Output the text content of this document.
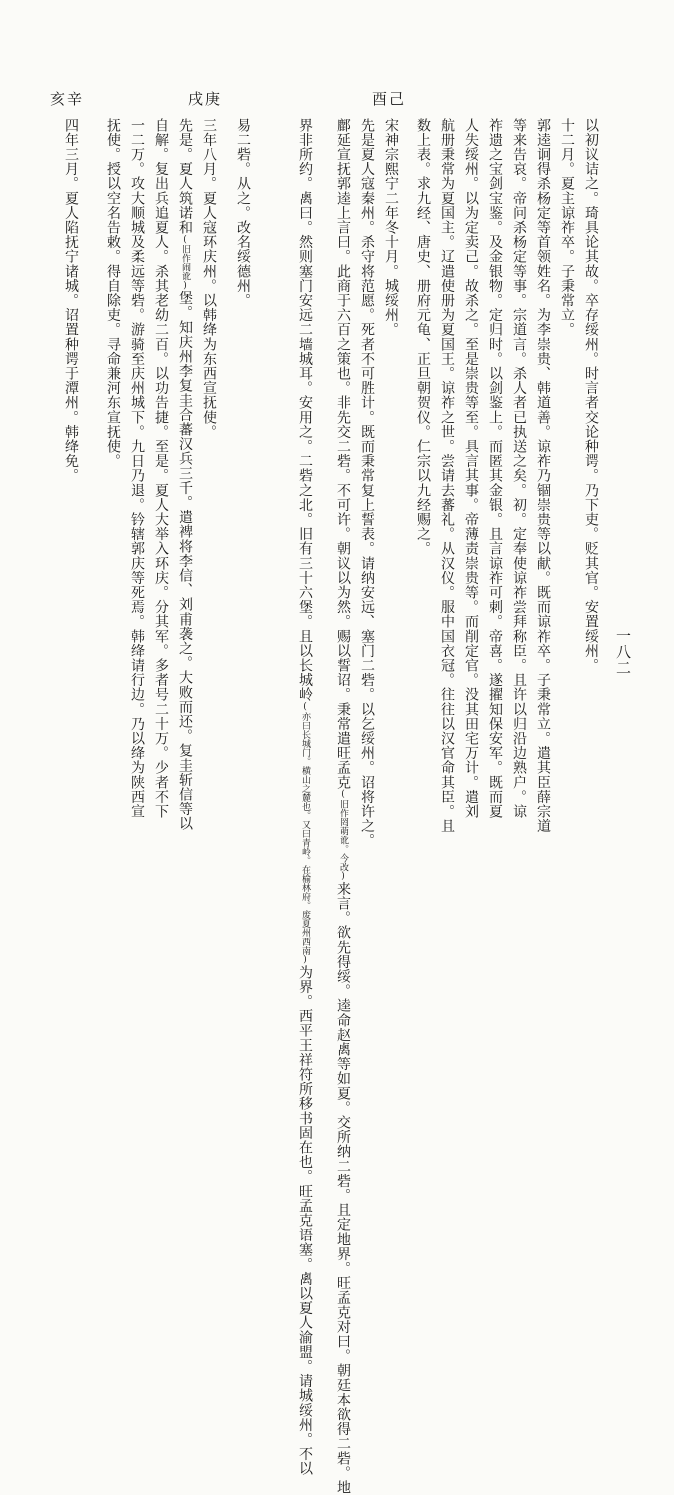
一八二
酉己
戌庚
亥辛
以初议诘之。琦具论其故。卒存绥州。时言者交论种谔。乃下吏。贬其官。安置绥州。
十二月。夏主谅祚卒。子秉常立。
郭逵诇得杀杨定等首领姓名。为李崇贵、韩道善。谅祚乃锢崇贵等以献。既而谅祚卒。子秉常立。遣其臣薛宗道
等来告哀。帝问杀杨定等事。宗道言。杀人者已执送之矣。初。定奉使谅祚尝拜称臣。且许以归沿边熟户。谅
祚遗之宝剑宝鉴。及金银物。定归时。以剑鉴上。而匿其金银。且言谅祚可刺。帝喜。遂擢知保安军。既而夏
人失绥州。以为定卖己。故杀之。至是崇贵等至。具言其事。帝薄责崇贵等。而削定官。没其田宅万计。遣刘
航册秉常为夏国主。辽遣使册为夏国王。谅祚之世。尝请去蕃礼。从汉仪。服中国衣冠。往往以汉官命其臣。且
数上表。求九经、唐史、册府元龟、正旦朝贺仪。仁宗以九经赐之。
宋神宗熙宁二年冬十月。城绥州。
先是夏人寇秦州。杀守将范愿。死者不可胜计。既而秉常复上誓表。请纳安远、塞门二砦。以乞绥州。诏将许之。
鄜延宣抚郭逵上言曰。此商于六百之策也。非先交二砦。不可许。朝议以为然。赐以誓诏。秉常遣旺孟克(旧作罔萌讹。今改)来言。欲先得绥。逵命赵禼等如夏。交所纳二砦。且定地界。旺孟克对曰。朝廷本欲得二砦。地
界非所约。禼曰。然则塞门安远二墙城耳。安用之。二砦之北。旧有三十六堡。且以长城岭(亦曰长城门。横山之麓也。又曰青岭。在榆林府。废夏州西南)为界。西平王祥符所移书固在也。旺孟克语塞。禼以夏人渝盟。请城绥州。不以
易二砦。从之。改名绥德州。
三年八月。夏人寇环庆州。以韩绛为东西宣抚使。
先是。夏人筑诺和(旧作闹讹)堡。知庆州李复圭合蕃汉兵三千。遣裨将李信、刘甫袭之。大败而还。复圭斩信等以
自解。复出兵追夏人。杀其老幼二百。以功告捷。至是。夏人大举入环庆。分其军。多者号二十万。少者不下
一二万。攻大顺城及柔远等砦。游骑至庆州城下。九日乃退。钤辖郭庆等死焉。韩绛请行边。乃以绛为陕西宣
抚使。授以空名告敕。得自除吏。寻命兼河东宣抚使。
四年三月。夏人陷抚宁诸城。诏置种谔于潭州。韩绛免。
